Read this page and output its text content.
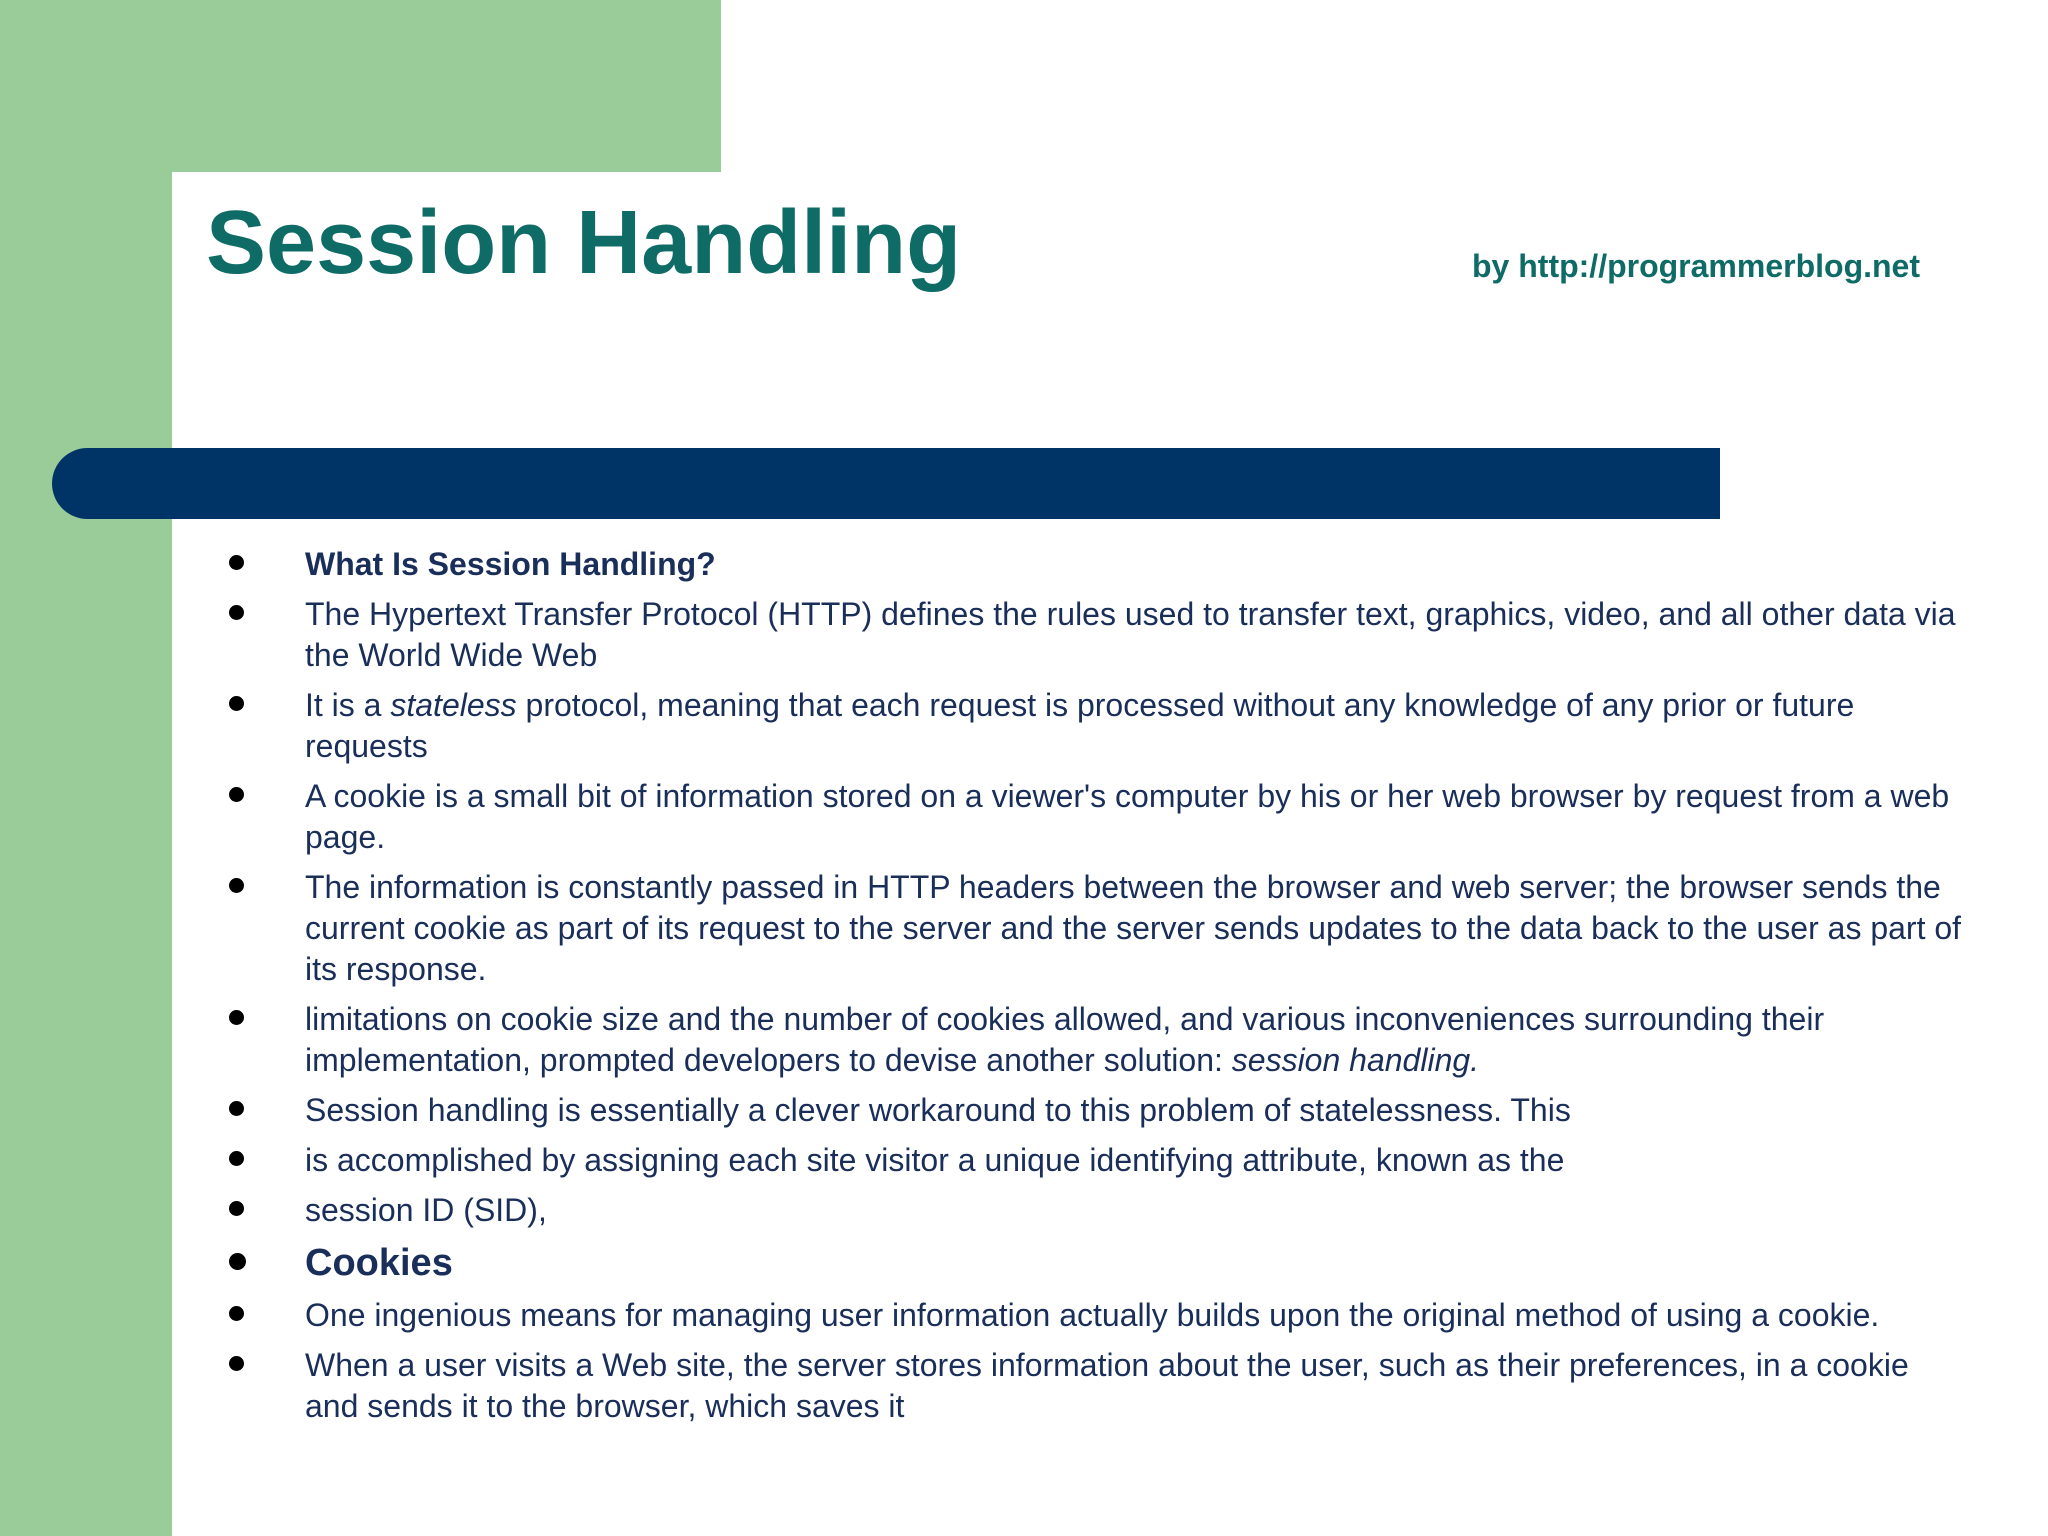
Session Handling	by http://programmerblog.net
What Is Session Handling?
The Hypertext Transfer Protocol (HTTP) defines the rules used to transfer text, graphics, video, and all other data via the World Wide Web
It is a stateless protocol, meaning that each request is processed without any knowledge of any prior or future requests
A cookie is a small bit of information stored on a viewer's computer by his or her web browser by request from a web page.
The information is constantly passed in HTTP headers between the browser and web server; the browser sends the current cookie as part of its request to the server and the server sends updates to the data back to the user as part of its response.
limitations on cookie size and the number of cookies allowed, and various inconveniences surrounding their implementation, prompted developers to devise another solution: session handling.
Session handling is essentially a clever workaround to this problem of statelessness. This
is accomplished by assigning each site visitor a unique identifying attribute, known as the
session ID (SID),
Cookies
One ingenious means for managing user information actually builds upon the original method of using a cookie.
When a user visits a Web site, the server stores information about the user, such as their preferences, in a cookie and sends it to the browser, which saves it
